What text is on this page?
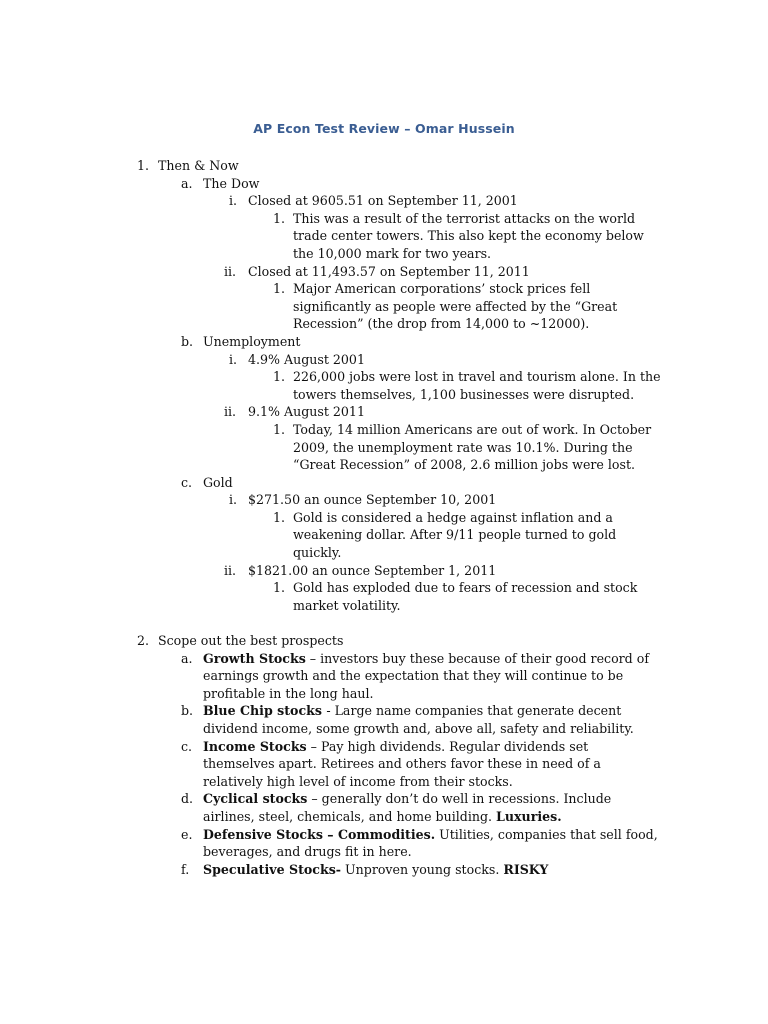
AP Econ Test Review – Omar Hussein
1. Then & Now
a. The Dow
i. Closed at 9605.51 on September 11, 2001
1. This was a result of the terrorist attacks on the world trade center towers. This also kept the economy below the 10,000 mark for two years.
ii. Closed at 11,493.57 on September 11, 2011
1. Major American corporations’ stock prices fell significantly as people were affected by the “Great Recession” (the drop from 14,000 to ~12000).
b. Unemployment
i. 4.9% August 2001
1. 226,000 jobs were lost in travel and tourism alone. In the towers themselves, 1,100 businesses were disrupted.
ii. 9.1% August 2011
1. Today, 14 million Americans are out of work. In October 2009, the unemployment rate was 10.1%. During the “Great Recession” of 2008, 2.6 million jobs were lost.
c. Gold
i. $271.50 an ounce September 10, 2001
1. Gold is considered a hedge against inflation and a weakening dollar. After 9/11 people turned to gold quickly.
ii. $1821.00 an ounce September 1, 2011
1. Gold has exploded due to fears of recession and stock market volatility.
2. Scope out the best prospects
a. Growth Stocks – investors buy these because of their good record of earnings growth and the expectation that they will continue to be profitable in the long haul.
b. Blue Chip stocks - Large name companies that generate decent dividend income, some growth and, above all, safety and reliability.
c. Income Stocks – Pay high dividends. Regular dividends set themselves apart. Retirees and others favor these in need of a relatively high level of income from their stocks.
d. Cyclical stocks – generally don’t do well in recessions. Include airlines, steel, chemicals, and home building. Luxuries.
e. Defensive Stocks – Commodities. Utilities, companies that sell food, beverages, and drugs fit in here.
f. Speculative Stocks- Unproven young stocks. RISKY
